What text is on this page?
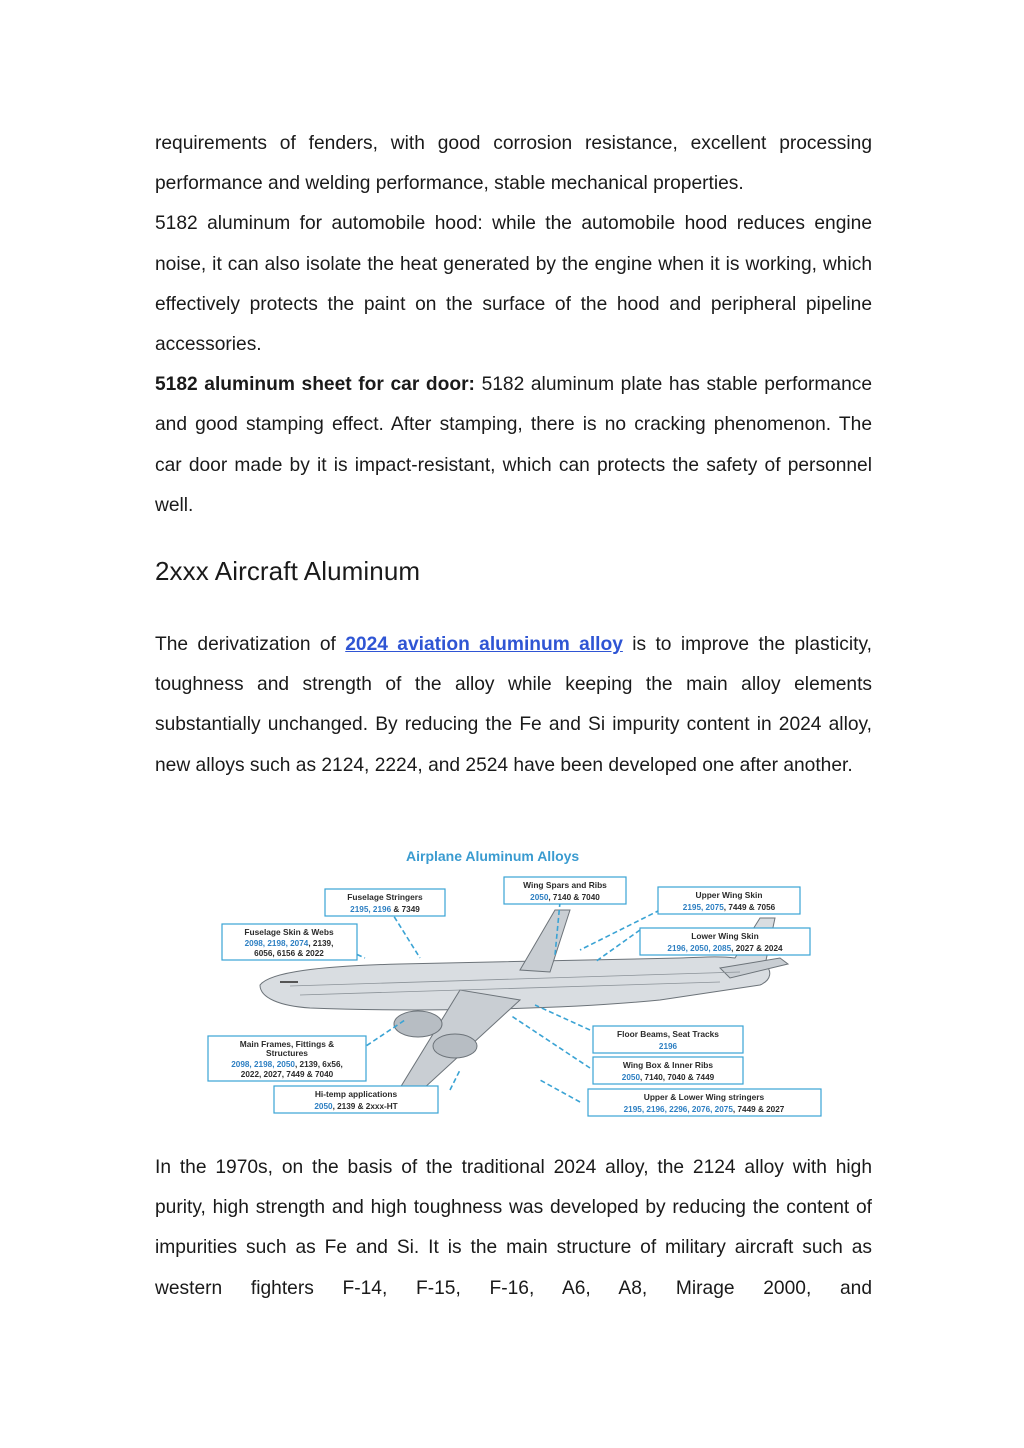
requirements of fenders, with good corrosion resistance, excellent processing
performance and welding performance, stable mechanical properties.

5182 aluminum for automobile hood: while the automobile hood reduces engine noise, it can also isolate the heat generated by the engine when it is working, which effectively protects the paint on the surface of the hood and peripheral pipeline accessories.

5182 aluminum sheet for car door: 5182 aluminum plate has stable performance and good stamping effect. After stamping, there is no cracking phenomenon. The car door made by it is impact-resistant, which can protects the safety of personnel well.

2xxx Aircraft Aluminum

The derivatization of 2024 aviation aluminum alloy is to improve the plasticity, toughness and strength of the alloy while keeping the main alloy elements substantially unchanged. By reducing the Fe and Si impurity content in 2024 alloy, new alloys such as 2124, 2224, and 2524 have been developed one after another.

Airplane Aluminum Alloys
Fuselage Stringers
2195, 2196 & 7349
Wing Spars and Ribs
2050, 7140 & 7040	Upper Wing Skin
2195, 2075, 7449 & 7056
Fuselage Skin & Webs
2098, 2198, 2074, 2139,
6056, 6156 & 2022
Lower Wing Skin
2196, 2050, 2085, 2027 & 2024
Floor Beams, Seat Tracks
2196
Main Frames, Fittings &
Structures
2098, 2198, 2050, 2139, 6x56,
2022, 2027, 7449 & 7040
Wing Box & Inner Ribs
2050, 7140, 7040 & 7449
Hi-temp applications
2050, 2139 & 2xxx-HT
Upper & Lower Wing stringers
2195, 2196, 2296, 2076, 2075, 7449 & 2027

In the 1970s, on the basis of the traditional 2024 alloy, the 2124 alloy with high purity, high strength and high toughness was developed by reducing the content of impurities such as Fe and Si. It is the main structure of military aircraft such as western fighters F-14, F-15, F-16, A6, A8, Mirage 2000, and
